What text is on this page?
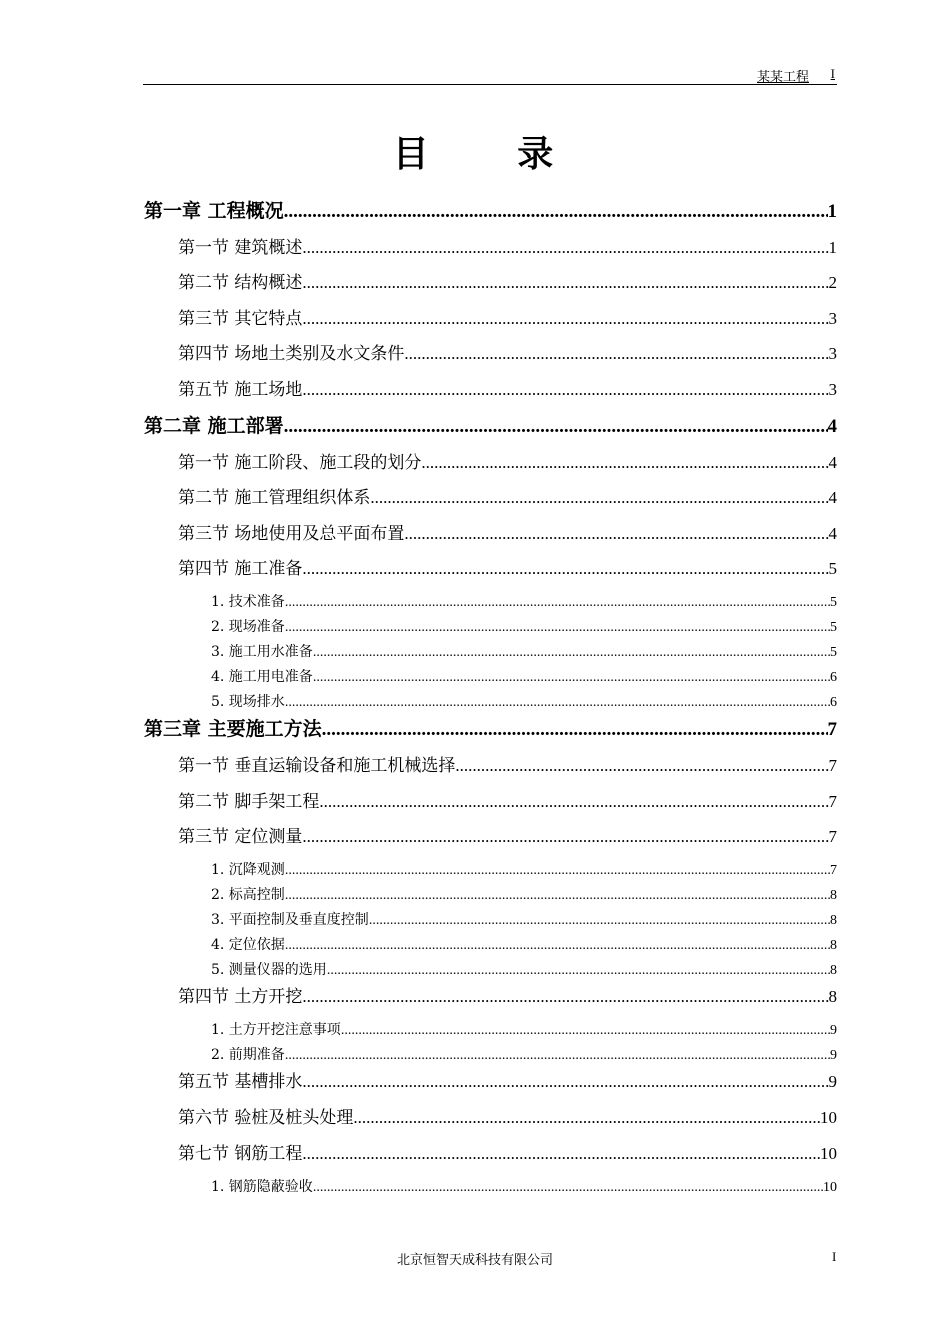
某某工程 I
目 录
第一章 工程概况 .....	1
第一节 建筑概述 .....	1
第二节 结构概述 .....	2
第三节 其它特点 .....	3
第四节 场地土类别及水文条件 .....	3
第五节 施工场地 .....	3
第二章 施工部署 .....	4
第一节 施工阶段、施工段的划分 .....	4
第二节 施工管理组织体系 .....	4
第三节 场地使用及总平面布置 .....	4
第四节 施工准备 .....	5
1. 技术准备 .....	5
2. 现场准备 .....	5
3. 施工用水准备 .....	5
4. 施工用电准备 .....	6
5. 现场排水 .....	6
第三章 主要施工方法 .....	7
第一节 垂直运输设备和施工机械选择 .....	7
第二节 脚手架工程 .....	7
第三节 定位测量 .....	7
1. 沉降观测 .....	7
2. 标高控制 .....	8
3. 平面控制及垂直度控制 .....	8
4. 定位依据 .....	8
5. 测量仪器的选用 .....	8
第四节 土方开挖 .....	8
1. 土方开挖注意事项 .....	9
2. 前期准备 .....	9
第五节 基槽排水 .....	9
第六节 验桩及桩头处理 .....	10
第七节 钢筋工程 .....	10
1. 钢筋隐蔽验收 .....	10
北京恒智天成科技有限公司	I
